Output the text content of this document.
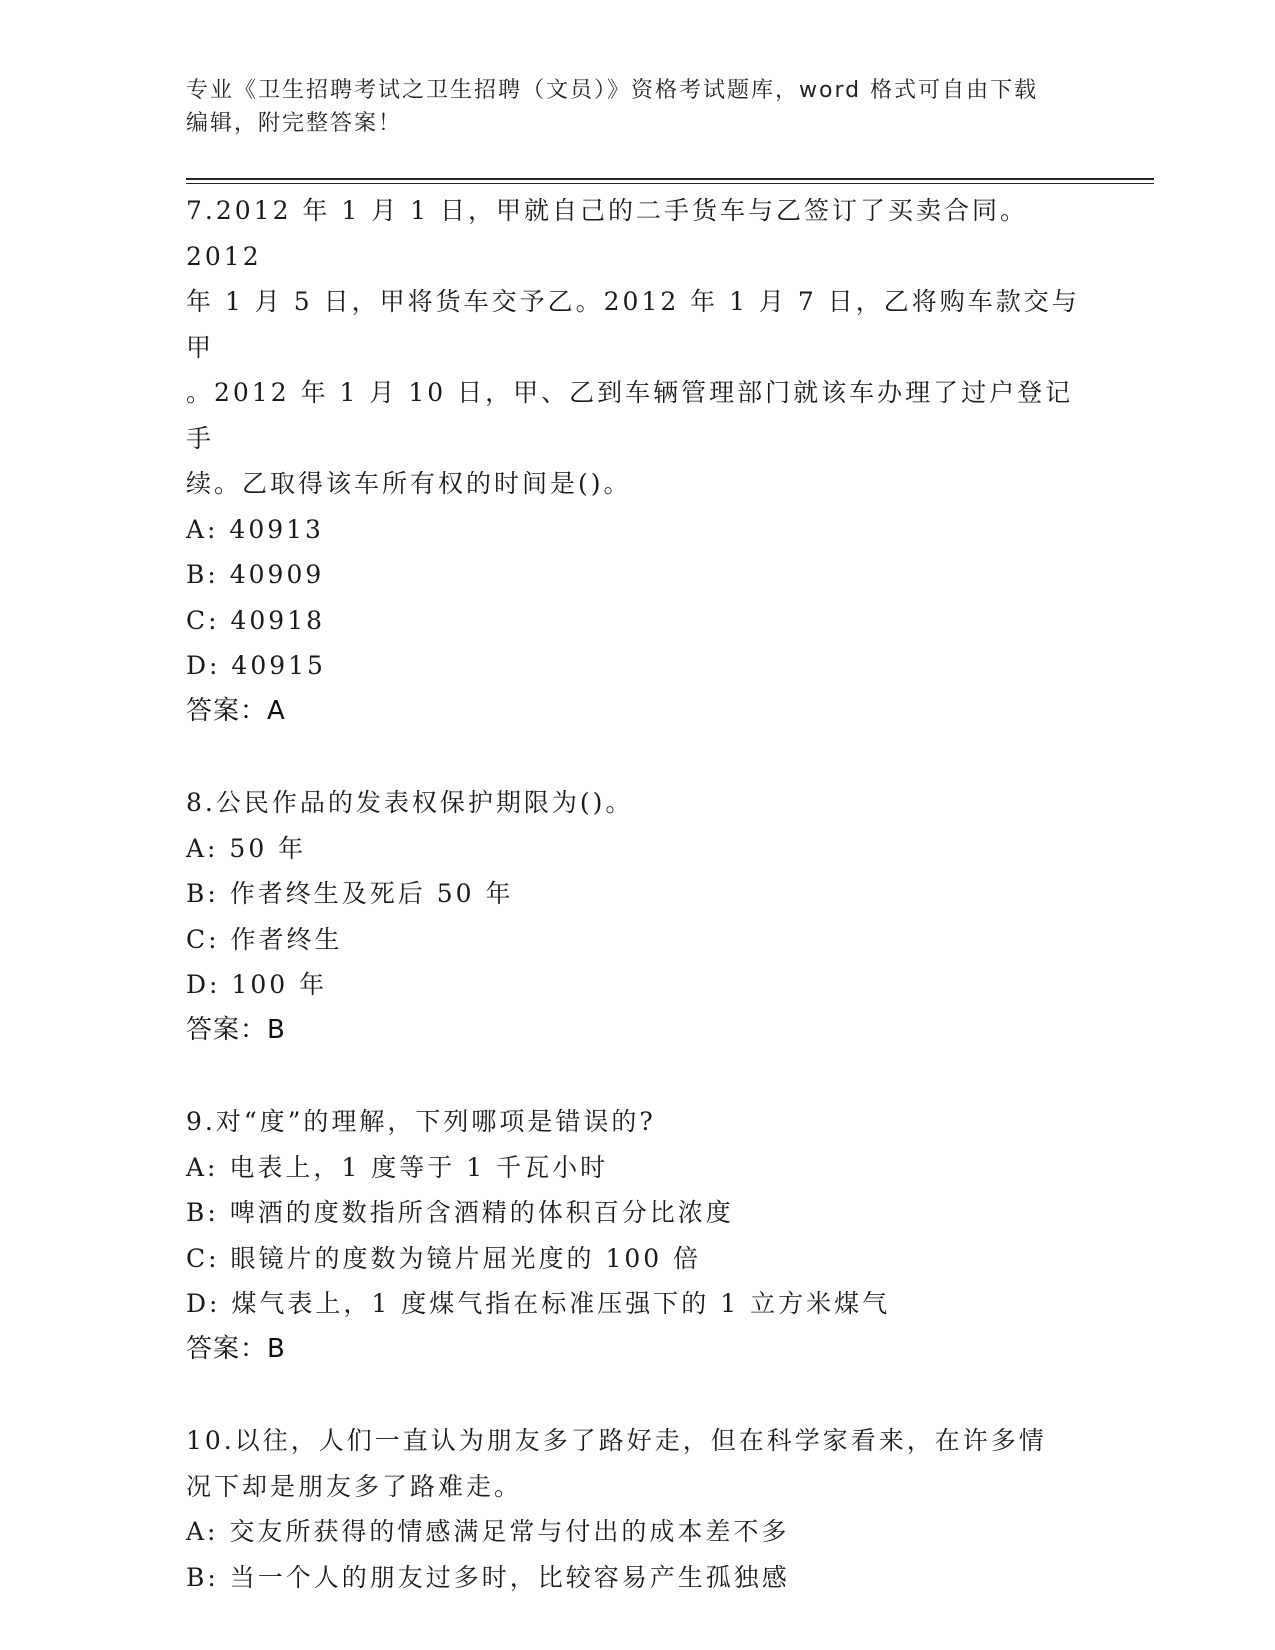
专业《卫生招聘考试之卫生招聘（文员）》资格考试题库，word 格式可自由下载
编辑，附完整答案！
7.2012 年 1 月 1 日，甲就自己的二手货车与乙签订了买卖合同。2012
年 1 月 5 日，甲将货车交予乙。2012 年 1 月 7 日，乙将购车款交与甲
。2012 年 1 月 10 日，甲、乙到车辆管理部门就该车办理了过户登记手
续。乙取得该车所有权的时间是()。
A: 40913
B: 40909
C: 40918
D: 40915
答案：A
8.公民作品的发表权保护期限为()。
A: 50 年
B: 作者终生及死后 50 年
C: 作者终生
D: 100 年
答案：B
9.对“度”的理解，下列哪项是错误的?
A: 电表上，1 度等于 1 千瓦小时
B: 啤酒的度数指所含酒精的体积百分比浓度
C: 眼镜片的度数为镜片屈光度的 100 倍
D: 煤气表上，1 度煤气指在标准压强下的 1 立方米煤气
答案：B
10.以往，人们一直认为朋友多了路好走，但在科学家看来，在许多情
况下却是朋友多了路难走。
A: 交友所获得的情感满足常与付出的成本差不多
B: 当一个人的朋友过多时，比较容易产生孤独感
